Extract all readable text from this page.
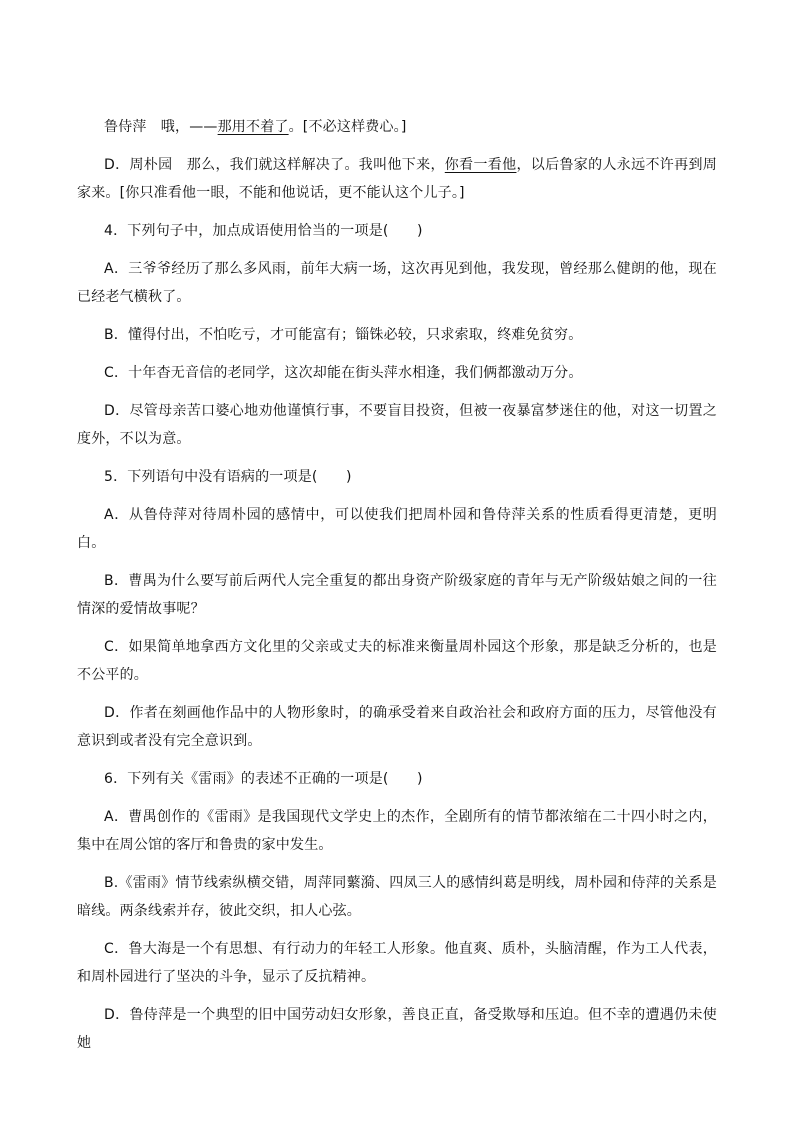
鲁侍萍　哦，——那用不着了。[不必这样费心。]

D．周朴园　那么，我们就这样解决了。我叫他下来，你看一看他，以后鲁家的人永远不许再到周家来。[你只准看他一眼，不能和他说话，更不能认这个儿子。]

4．下列句子中，加点成语使用恰当的一项是(　　)

A．三爷爷经历了那么多风雨，前年大病一场，这次再见到他，我发现，曾经那么健朗的他，现在已经老气横秋了。

B．懂得付出，不怕吃亏，才可能富有；锱铢必较，只求索取，终难免贫穷。

C．十年杳无音信的老同学，这次却能在街头萍水相逢，我们俩都激动万分。

D．尽管母亲苦口婆心地劝他谨慎行事，不要盲目投资，但被一夜暴富梦迷住的他，对这一切置之度外，不以为意。

5．下列语句中没有语病的一项是(　　)

A．从鲁侍萍对待周朴园的感情中，可以使我们把周朴园和鲁侍萍关系的性质看得更清楚，更明白。

B．曹禺为什么要写前后两代人完全重复的都出身资产阶级家庭的青年与无产阶级姑娘之间的一往情深的爱情故事呢？

C．如果简单地拿西方文化里的父亲或丈夫的标准来衡量周朴园这个形象，那是缺乏分析的，也是不公平的。

D．作者在刻画他作品中的人物形象时，的确承受着来自政治社会和政府方面的压力，尽管他没有意识到或者没有完全意识到。

6．下列有关《雷雨》的表述不正确的一项是(　　)

A．曹禺创作的《雷雨》是我国现代文学史上的杰作，全剧所有的情节都浓缩在二十四小时之内，集中在周公馆的客厅和鲁贵的家中发生。

B.《雷雨》情节线索纵横交错，周萍同蘩漪、四凤三人的感情纠葛是明线，周朴园和侍萍的关系是暗线。两条线索并存，彼此交织，扣人心弦。

C．鲁大海是一个有思想、有行动力的年轻工人形象。他直爽、质朴，头脑清醒，作为工人代表，和周朴园进行了坚决的斗争，显示了反抗精神。

D．鲁侍萍是一个典型的旧中国劳动妇女形象，善良正直，备受欺辱和压迫。但不幸的遭遇仍未使她
